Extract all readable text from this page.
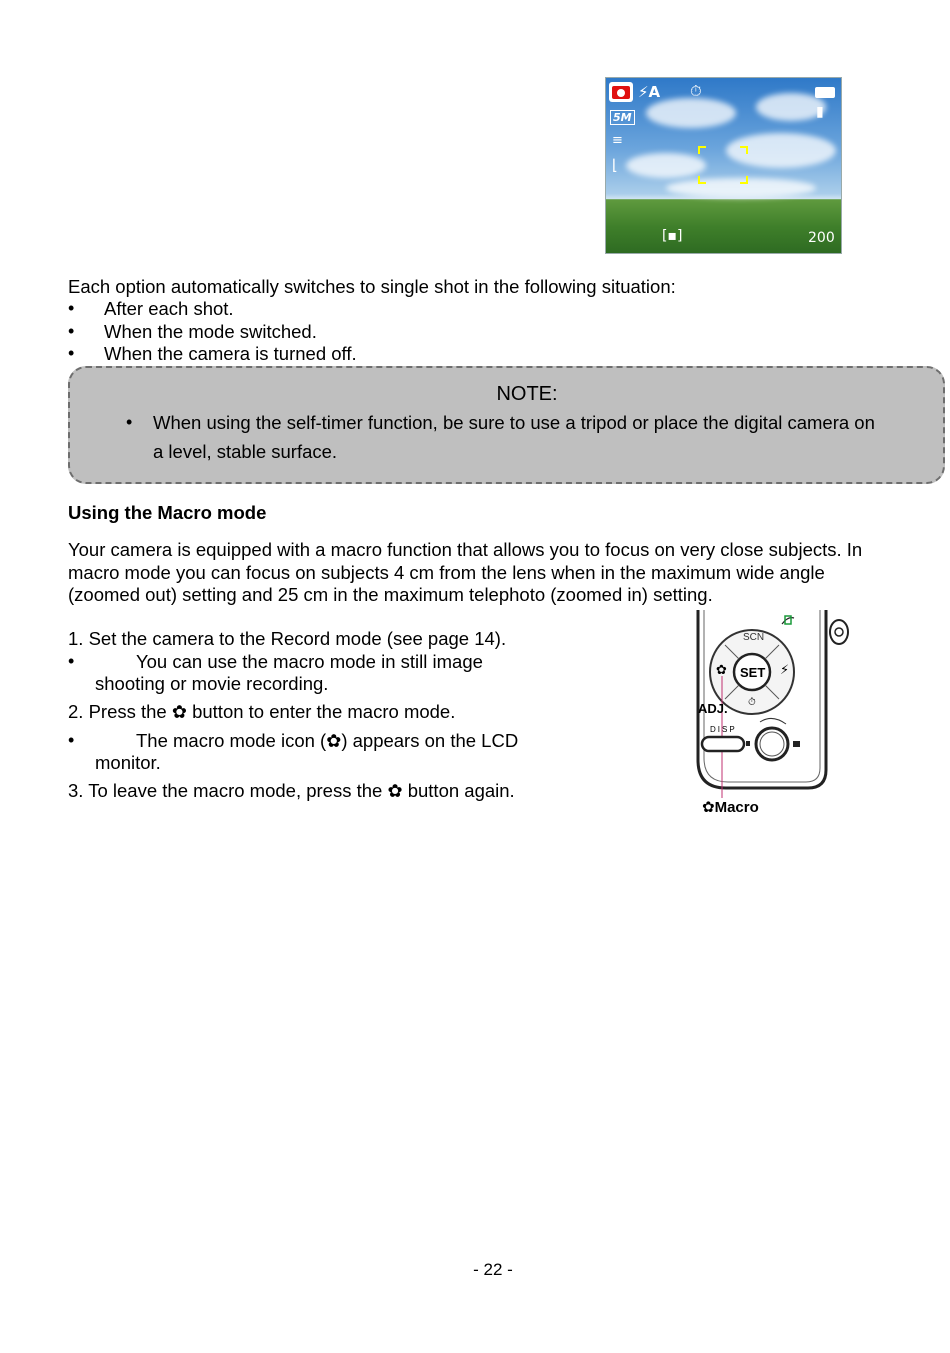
⚡A ⏱
5M
≡
⌊
▮
[▪]	200
Each option automatically switches to single shot in the following situation:
• After each shot.
• When the mode switched.
• When the camera is turned off.
NOTE:
• When using the self-timer function, be sure to use a tripod or place the digital camera on
a level, stable surface.
Using the Macro mode
Your camera is equipped with a macro function that allows you to focus on very close subjects. In
macro mode you can focus on subjects 4 cm from the lens when in the maximum wide angle
(zoomed out) setting and 25 cm in the maximum telephoto (zoomed in) setting.
1. Set the camera to the Record mode (see page 14).
•	You can use the macro mode in still image
shooting or movie recording.
2. Press the ✿ button to enter the macro mode.
•	The macro mode icon (✿) appears on the LCD
monitor.
3. To leave the macro mode, press the ✿ button again.
SCN
SET
✿	⚡
⏱
ADJ.
DISP
✿Macro
- 22 -
